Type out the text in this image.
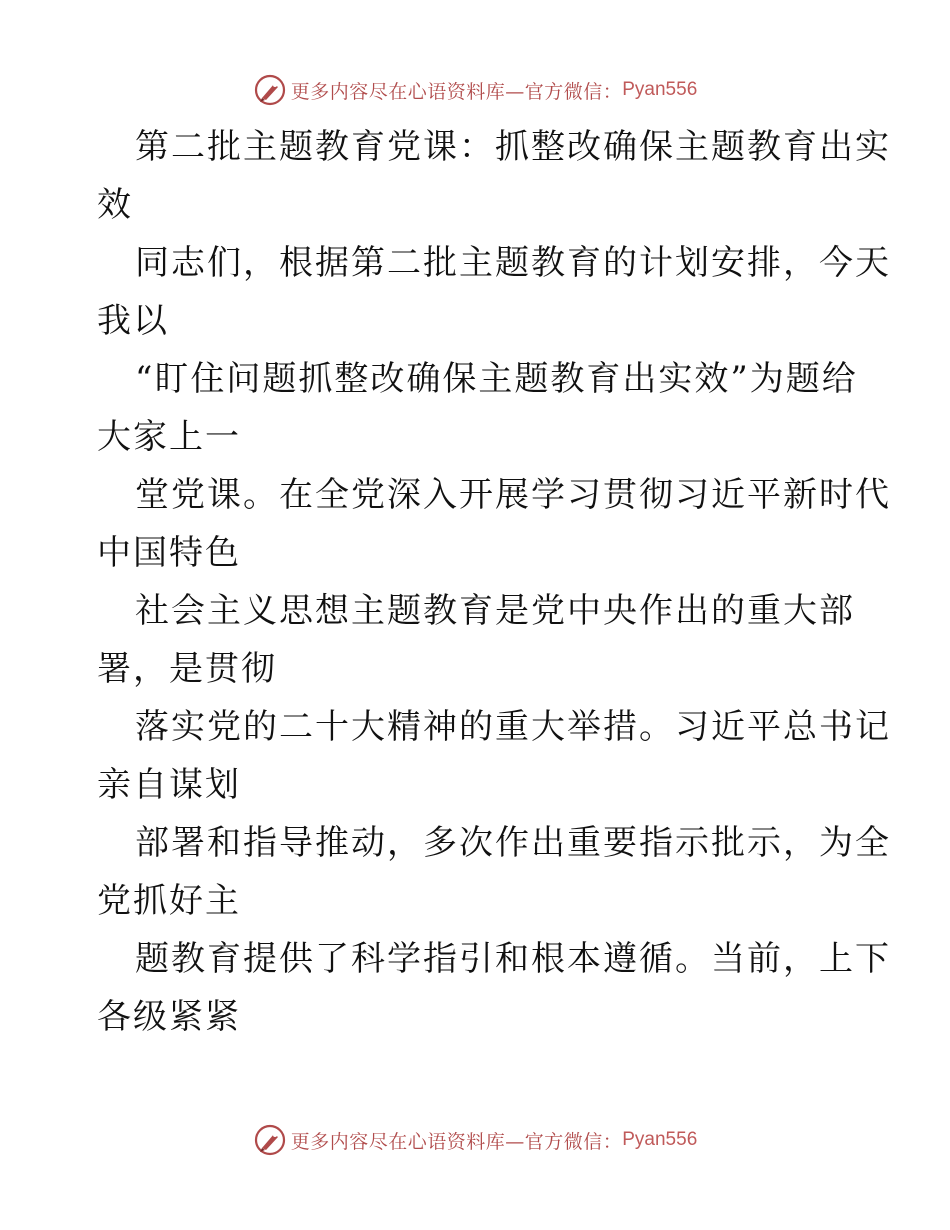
更多内容尽在心语资料库—官方微信： Pyan556
第二批主题教育党课：抓整改确保主题教育出实
效
同志们，根据第二批主题教育的计划安排，今天
我以
“盯住问题抓整改确保主题教育出实效”为题给
大家上一
堂党课。在全党深入开展学习贯彻习近平新时代
中国特色
社会主义思想主题教育是党中央作出的重大部
署，是贯彻
落实党的二十大精神的重大举措。习近平总书记
亲自谋划
部署和指导推动，多次作出重要指示批示，为全
党抓好主
题教育提供了科学指引和根本遵循。当前，上下
各级紧紧
更多内容尽在心语资料库—官方微信： Pyan556
